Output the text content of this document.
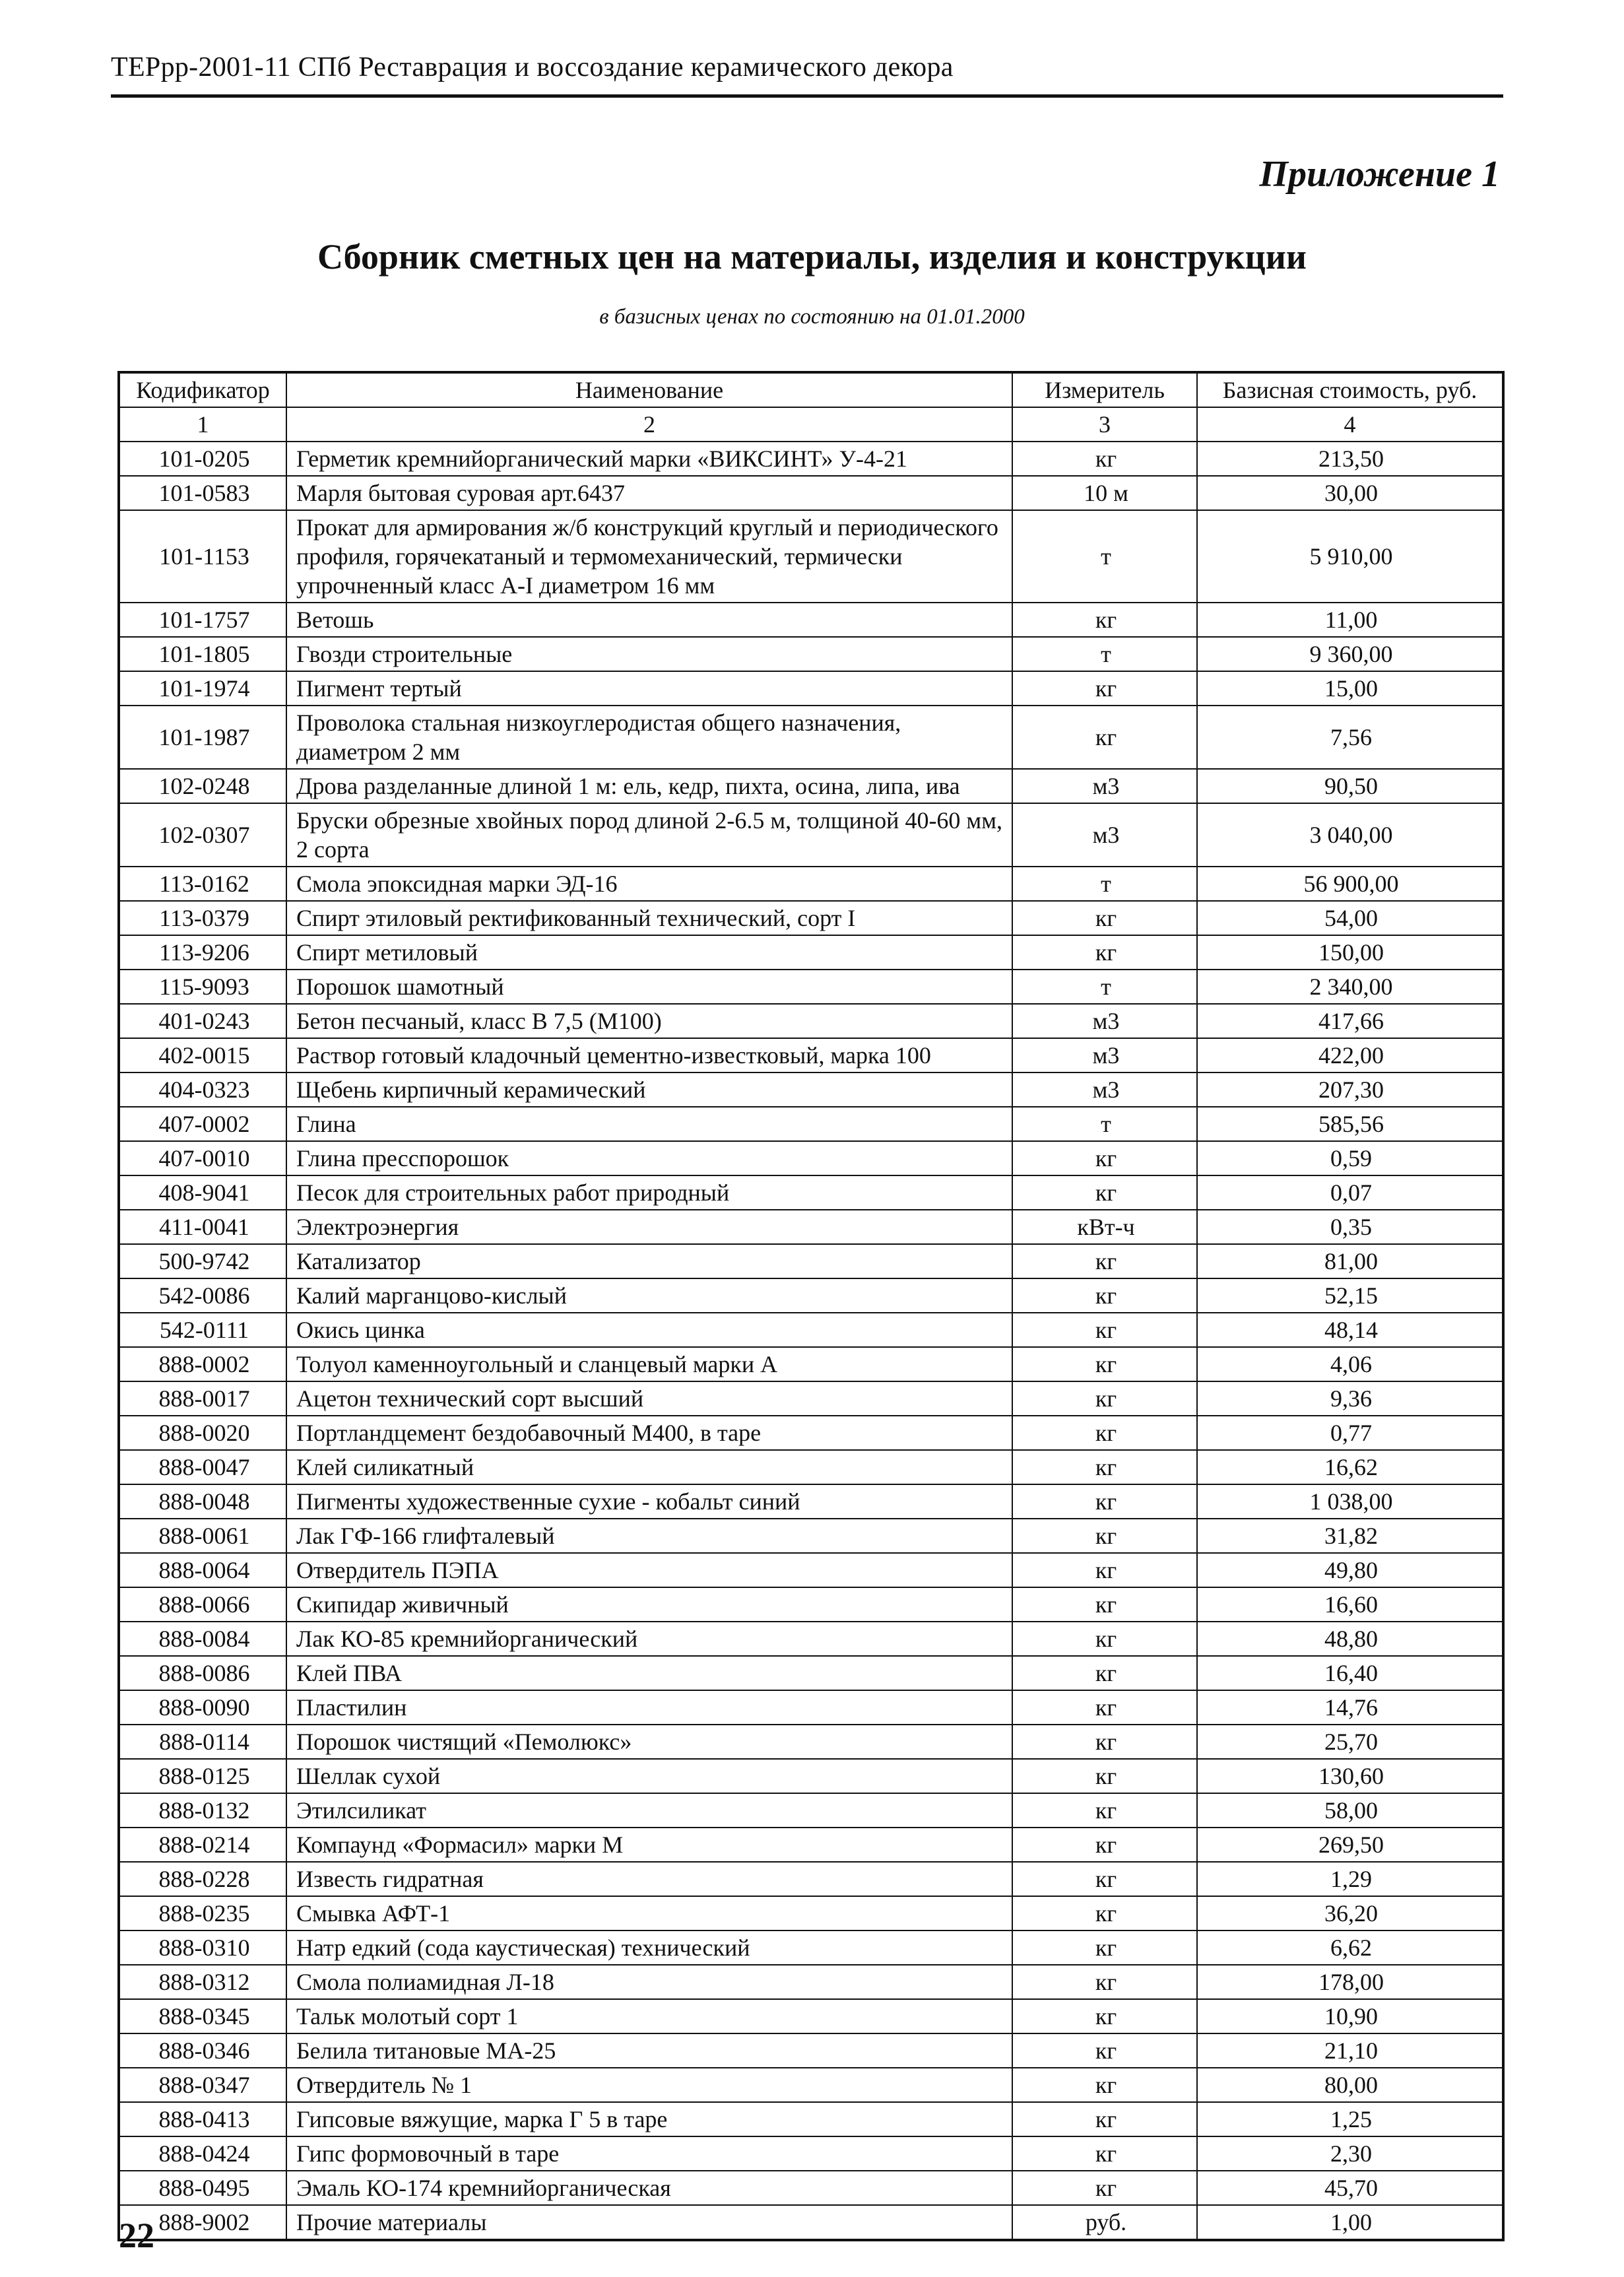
ТЕРрр-2001-11 СПб Реставрация и воссоздание керамического декора
Приложение 1
Сборник сметных цен на материалы, изделия и конструкции
в базисных ценах по состоянию на 01.01.2000
Кодификатор	Наименование	Измеритель	Базисная стоимость, руб.
1	2	3	4
101-0205	Герметик кремнийорганический марки «ВИКСИНТ» У-4-21	кг	213,50
101-0583	Марля бытовая суровая арт.6437	10 м	30,00
101-1153	Прокат для армирования ж/б конструкций круглый и периодического профиля, горячекатаный и термомеханический, термически упрочненный класс А-I диаметром 16 мм	т	5 910,00
101-1757	Ветошь	кг	11,00
101-1805	Гвозди строительные	т	9 360,00
101-1974	Пигмент тертый	кг	15,00
101-1987	Проволока стальная низкоуглеродистая общего назначения, диаметром 2 мм	кг	7,56
102-0248	Дрова разделанные длиной 1 м: ель, кедр, пихта, осина, липа, ива	м3	90,50
102-0307	Бруски обрезные хвойных пород длиной 2-6.5 м, толщиной 40-60 мм, 2 сорта	м3	3 040,00
113-0162	Смола эпоксидная марки ЭД-16	т	56 900,00
113-0379	Спирт этиловый ректификованный технический, сорт I	кг	54,00
113-9206	Спирт метиловый	кг	150,00
115-9093	Порошок шамотный	т	2 340,00
401-0243	Бетон песчаный, класс В 7,5 (М100)	м3	417,66
402-0015	Раствор готовый кладочный цементно-известковый, марка 100	м3	422,00
404-0323	Щебень кирпичный керамический	м3	207,30
407-0002	Глина	т	585,56
407-0010	Глина пресспорошок	кг	0,59
408-9041	Песок для строительных работ природный	кг	0,07
411-0041	Электроэнергия	кВт-ч	0,35
500-9742	Катализатор	кг	81,00
542-0086	Калий марганцово-кислый	кг	52,15
542-0111	Окись цинка	кг	48,14
888-0002	Толуол каменноугольный и сланцевый марки А	кг	4,06
888-0017	Ацетон технический сорт высший	кг	9,36
888-0020	Портландцемент бездобавочный М400, в таре	кг	0,77
888-0047	Клей силикатный	кг	16,62
888-0048	Пигменты художественные сухие - кобальт синий	кг	1 038,00
888-0061	Лак ГФ-166 глифталевый	кг	31,82
888-0064	Отвердитель ПЭПА	кг	49,80
888-0066	Скипидар живичный	кг	16,60
888-0084	Лак КО-85 кремнийорганический	кг	48,80
888-0086	Клей ПВА	кг	16,40
888-0090	Пластилин	кг	14,76
888-0114	Порошок чистящий «Пемолюкс»	кг	25,70
888-0125	Шеллак сухой	кг	130,60
888-0132	Этилсиликат	кг	58,00
888-0214	Компаунд «Формасил» марки М	кг	269,50
888-0228	Известь гидратная	кг	1,29
888-0235	Смывка АФТ-1	кг	36,20
888-0310	Натр едкий (сода каустическая) технический	кг	6,62
888-0312	Смола полиамидная Л-18	кг	178,00
888-0345	Тальк молотый сорт 1	кг	10,90
888-0346	Белила титановые МА-25	кг	21,10
888-0347	Отвердитель № 1	кг	80,00
888-0413	Гипсовые вяжущие, марка Г 5 в таре	кг	1,25
888-0424	Гипс формовочный в таре	кг	2,30
888-0495	Эмаль КО-174 кремнийорганическая	кг	45,70
888-9002	Прочие материалы	руб.	1,00
22
